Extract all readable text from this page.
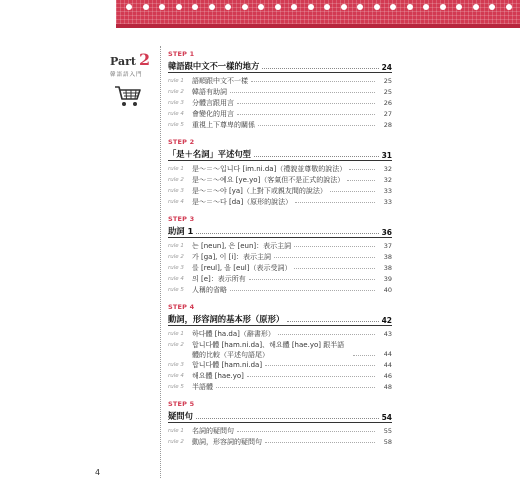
Part 2
韓語語入門
STEP 1
韓語跟中文不一樣的地方	24
rule 1	語順跟中文不一樣	25
rule 2	韓語有助詞	25
rule 3	分體言跟用言	26
rule 4	會變化的用言	27
rule 5	重視上下尊卑的關係	28
STEP 2
「是＋名詞」平述句型	31
rule 1	是～＝～입니다 [im.ni.da]（禮貌並尊敬的說法）	32
rule 2	是～＝～예요 [ye.yo]（客氣但不是正式的說法）	32
rule 3	是～＝～야 [ya]（上對下或親友間的說法）	33
rule 4	是～＝～다 [da]（原形的說法）	33
STEP 3
助詞 1	36
rule 1	는 [neun], 은 [eun]：表示主詞	37
rule 2	가 [ga], 이 [i]：表示主詞	38
rule 3	를 [reul], 을 [eul]（表示受詞）	38
rule 4	의 [e]：表示所有	39
rule 5	人稱的省略	40
STEP 4
動詞，形容詞的基本形（原形）	42
rule 1	하다體 [ha.da]（辭書形）	43
rule 2	합니다體 [ham.ni.da]、해요體 [hae.yo] 跟半語體的比較（平述句語尾）	44
rule 3	합니다體 [ham.ni.da]	44
rule 4	해요體 [hae.yo]	46
rule 5	半語體	48
STEP 5
疑問句	54
rule 1	名詞的疑問句	55
rule 2	動詞，形容詞的疑問句	58
4
